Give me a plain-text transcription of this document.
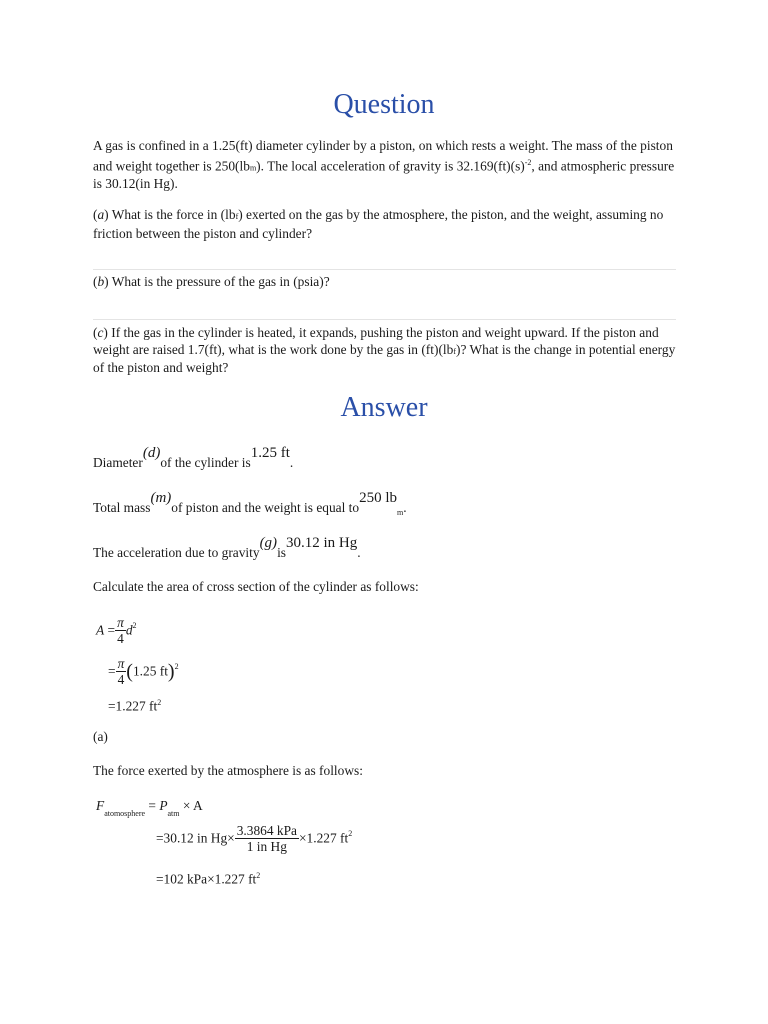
Question
A gas is confined in a 1.25(ft) diameter cylinder by a piston, on which rests a weight. The mass of the piston and weight together is 250(lbm). The local acceleration of gravity is $32.169(ft)(s)^{-2}$, and atmospheric pressure is 30.12(in Hg).
(a) What is the force in (lbf) exerted on the gas by the atmosphere, the piston, and the weight, assuming no friction between the piston and cylinder?
(b) What is the pressure of the gas in (psia)?
(c) If the gas in the cylinder is heated, it expands, pushing the piston and weight upward. If the piston and weight are raised 1.7(ft), what is the work done by the gas in (ft)(lbf)? What is the change in potential energy of the piston and weight?
Answer
Diameter(d)of the cylinder is1.25 ft.
Total mass(m)of piston and the weight is equal to250 $lb_m$.
The acceleration due to gravity(g)is30.12 in Hg.
Calculate the area of cross section of the cylinder as follows:
$A = \frac{\pi}{4} d^2$
= $\frac{\pi}{4} (1.25$ ft)$^2$
=1.227 $ft^2$
(a)
The force exerted by the atmosphere is as follows:
$F_{atomosphere} = P_{atm} \times A$
=30.12 in $Hg\times \frac{\text{3.3864 kPa}}{\text{1 in Hg}} \times 1.227$ $ft^2$
=102 kPa×1.227 $ft^2$
